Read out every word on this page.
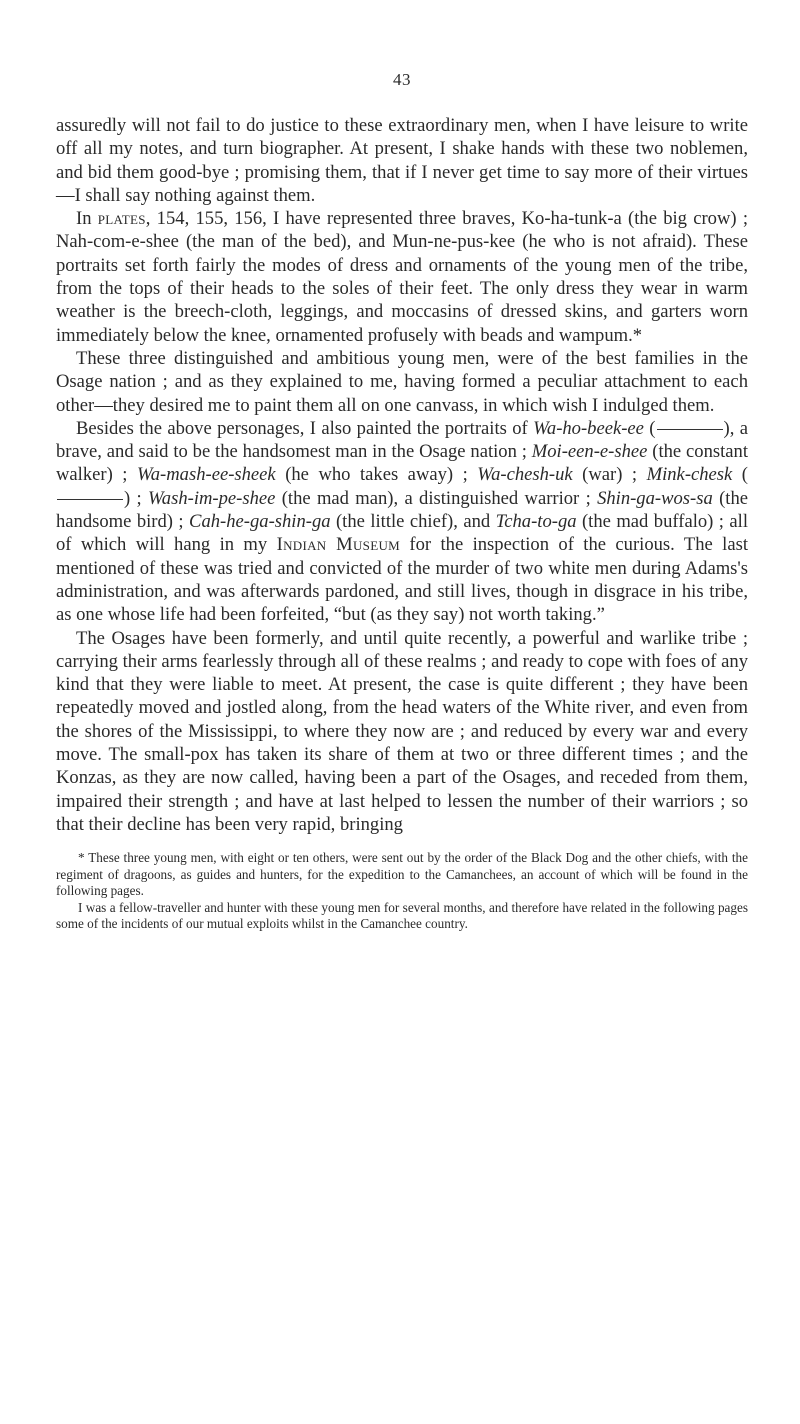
43

assuredly will not fail to do justice to these extraordinary men, when I have leisure to write off all my notes, and turn biographer. At present, I shake hands with these two noblemen, and bid them good-bye ; promising them, that if I never get time to say more of their virtues—I shall say nothing against them.

In plates, 154, 155, 156, I have represented three braves, Ko-ha-tunk-a (the big crow) ; Nah-com-e-shee (the man of the bed), and Mun-ne-pus-kee (he who is not afraid). These portraits set forth fairly the modes of dress and ornaments of the young men of the tribe, from the tops of their heads to the soles of their feet. The only dress they wear in warm weather is the breech-cloth, leggings, and moccasins of dressed skins, and garters worn immediately below the knee, ornamented profusely with beads and wampum.*

These three distinguished and ambitious young men, were of the best families in the Osage nation ; and as they explained to me, having formed a peculiar attachment to each other—they desired me to paint them all on one canvass, in which wish I indulged them.

Besides the above personages, I also painted the portraits of Wa-ho-beek-ee (	), a brave, and said to be the handsomest man in the Osage nation ; Moi-een-e-shee (the constant walker) ; Wa-mash-ee-sheek (he who takes away) ; Wa-chesh-uk (war) ; Mink-chesk () ; Wash-im-pe-shee (the mad man), a distinguished warrior ; Shin-ga-wos-sa (the handsome bird) ; Cah-he-ga-shin-ga (the little chief), and Tcha-to-ga (the mad buffalo) ; all of which will hang in my Indian Museum for the inspection of the curious. The last mentioned of these was tried and convicted of the murder of two white men during Adams's administration, and was afterwards pardoned, and still lives, though in disgrace in his tribe, as one whose life had been forfeited, “but (as they say) not worth taking.”

The Osages have been formerly, and until quite recently, a powerful and warlike tribe ; carrying their arms fearlessly through all of these realms ; and ready to cope with foes of any kind that they were liable to meet. At present, the case is quite different ; they have been repeatedly moved and jostled along, from the head waters of the White river, and even from the shores of the Mississippi, to where they now are ; and reduced by every war and every move. The small-pox has taken its share of them at two or three different times ; and the Konzas, as they are now called, having been a part of the Osages, and receded from them, impaired their strength ; and have at last helped to lessen the number of their warriors ; so that their decline has been very rapid, bringing

* These three young men, with eight or ten others, were sent out by the order of the Black Dog and the other chiefs, with the regiment of dragoons, as guides and hunters, for the expedition to the Camanchees, an account of which will be found in the following pages.

I was a fellow-traveller and hunter with these young men for several months, and therefore have related in the following pages some of the incidents of our mutual exploits whilst in the Camanchee country.
